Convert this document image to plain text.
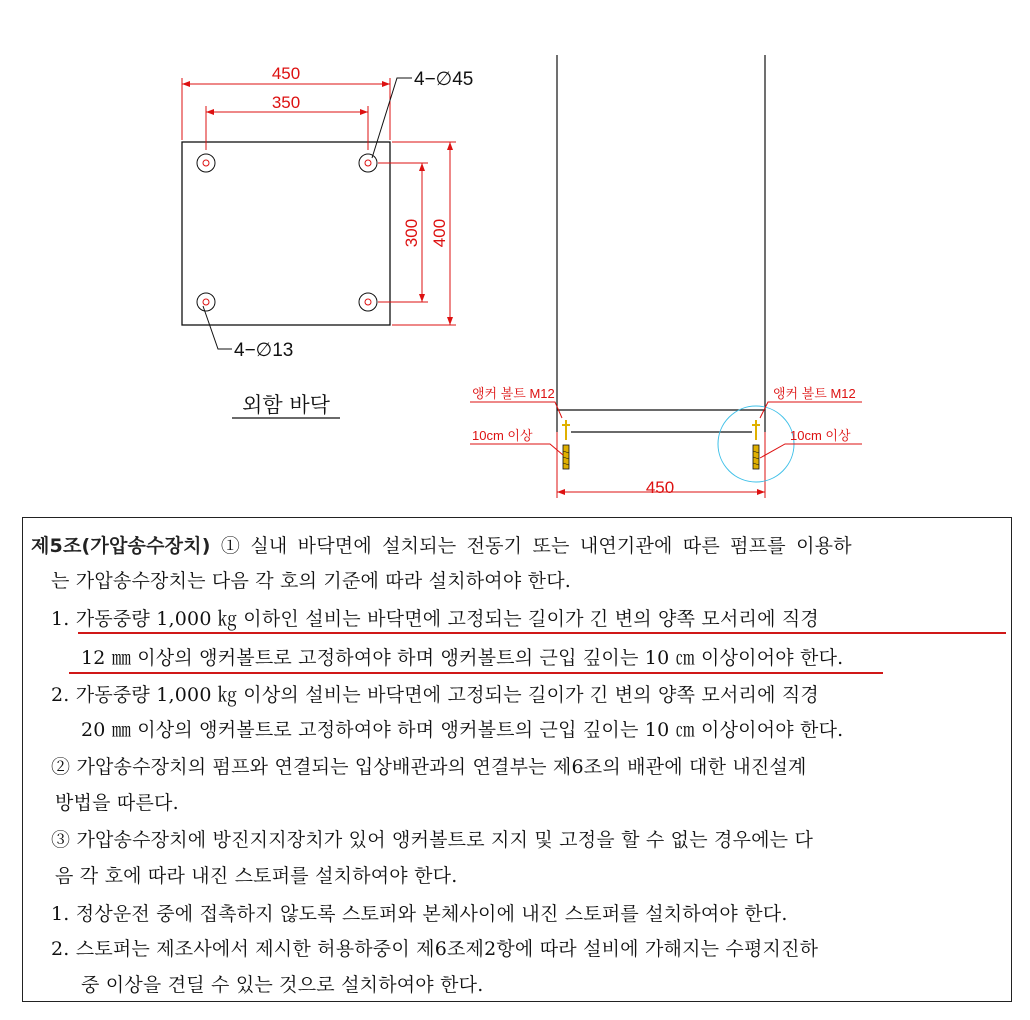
450
350
300 400
4−∅45
4−∅13
외함 바닥	앵커 볼트 M12
10cm 이상
앵커 볼트 M12
10cm 이상
450
제5조(가압송수장치) ① 실내 바닥면에 설치되는 전동기 또는 내연기관에 따른 펌프를 이용하
는 가압송수장치는 다음 각 호의 기준에 따라 설치하여야 한다.
1. 가동중량 1,000 ㎏ 이하인 설비는 바닥면에 고정되는 길이가 긴 변의 양쪽 모서리에 직경
12 ㎜ 이상의 앵커볼트로 고정하여야 하며 앵커볼트의 근입 깊이는 10 ㎝ 이상이어야 한다.
2. 가동중량 1,000 ㎏ 이상의 설비는 바닥면에 고정되는 길이가 긴 변의 양쪽 모서리에 직경
20 ㎜ 이상의 앵커볼트로 고정하여야 하며 앵커볼트의 근입 깊이는 10 ㎝ 이상이어야 한다.
② 가압송수장치의 펌프와 연결되는 입상배관과의 연결부는 제6조의 배관에 대한 내진설계
방법을 따른다.
③ 가압송수장치에 방진지지장치가 있어 앵커볼트로 지지 및 고정을 할 수 없는 경우에는 다
음 각 호에 따라 내진 스토퍼를 설치하여야 한다.
1. 정상운전 중에 접촉하지 않도록 스토퍼와 본체사이에 내진 스토퍼를 설치하여야 한다.
2. 스토퍼는 제조사에서 제시한 허용하중이 제6조제2항에 따라 설비에 가해지는 수평지진하
중 이상을 견딜 수 있는 것으로 설치하여야 한다.
